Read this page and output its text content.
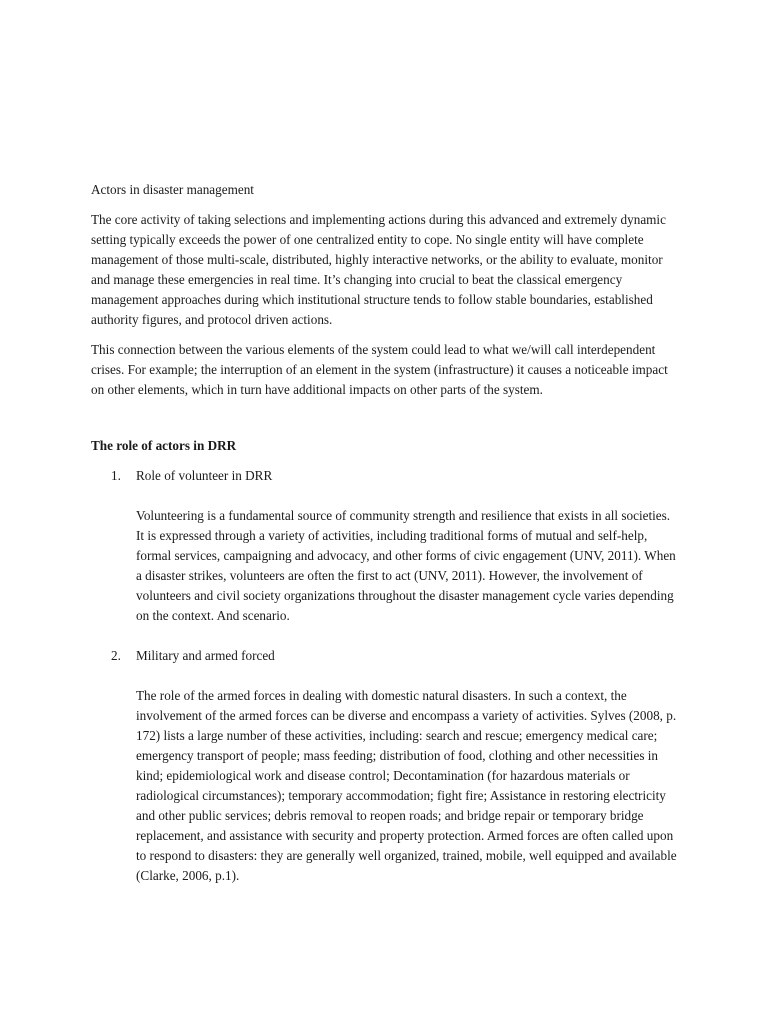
Actors in disaster management

The core activity of taking selections and implementing actions during this advanced and extremely dynamic setting typically exceeds the power of one centralized entity to cope. No single entity will have complete management of those multi-scale, distributed, highly interactive networks, or the ability to evaluate, monitor and manage these emergencies in real time. It’s changing into crucial to beat the classical emergency management approaches during which institutional structure tends to follow stable boundaries, established authority figures, and protocol driven actions.

This connection between the various elements of the system could lead to what we/will call interdependent crises. For example; the interruption of an element in the system (infrastructure) it causes a noticeable impact on other elements, which in turn have additional impacts on other parts of the system.

The role of actors in DRR

1. Role of volunteer in DRR

Volunteering is a fundamental source of community strength and resilience that exists in all societies. It is expressed through a variety of activities, including traditional forms of mutual and self-help, formal services, campaigning and advocacy, and other forms of civic engagement (UNV, 2011). When a disaster strikes, volunteers are often the first to act (UNV, 2011). However, the involvement of volunteers and civil society organizations throughout the disaster management cycle varies depending on the context. And scenario.

2. Military and armed forced

The role of the armed forces in dealing with domestic natural disasters. In such a context, the involvement of the armed forces can be diverse and encompass a variety of activities. Sylves (2008, p. 172) lists a large number of these activities, including: search and rescue; emergency medical care; emergency transport of people; mass feeding; distribution of food, clothing and other necessities in kind; epidemiological work and disease control; Decontamination (for hazardous materials or radiological circumstances); temporary accommodation; fight fire; Assistance in restoring electricity and other public services; debris removal to reopen roads; and bridge repair or temporary bridge replacement, and assistance with security and property protection. Armed forces are often called upon to respond to disasters: they are generally well organized, trained, mobile, well equipped and available (Clarke, 2006, p.1).
